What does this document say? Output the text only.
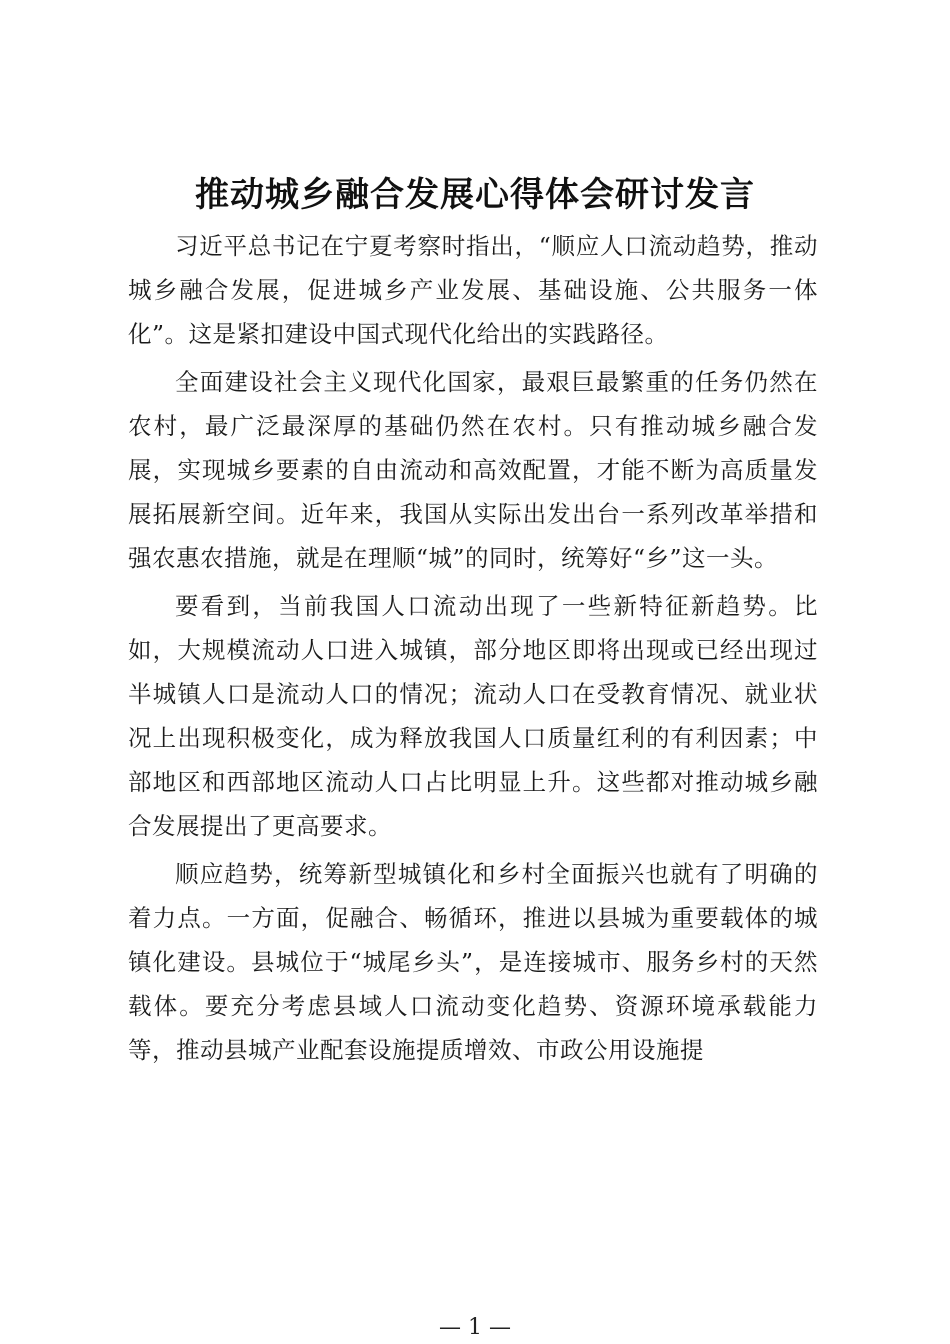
推动城乡融合发展心得体会研讨发言

习近平总书记在宁夏考察时指出，“顺应人口流动趋势，推动城乡融合发展，促进城乡产业发展、基础设施、公共服务一体化”。这是紧扣建设中国式现代化给出的实践路径。

全面建设社会主义现代化国家，最艰巨最繁重的任务仍然在农村，最广泛最深厚的基础仍然在农村。只有推动城乡融合发展，实现城乡要素的自由流动和高效配置，才能不断为高质量发展拓展新空间。近年来，我国从实际出发出台一系列改革举措和强农惠农措施，就是在理顺“城”的同时，统筹好“乡”这一头。

要看到，当前我国人口流动出现了一些新特征新趋势。比如，大规模流动人口进入城镇，部分地区即将出现或已经出现过半城镇人口是流动人口的情况；流动人口在受教育情况、就业状况上出现积极变化，成为释放我国人口质量红利的有利因素；中部地区和西部地区流动人口占比明显上升。这些都对推动城乡融合发展提出了更高要求。

顺应趋势，统筹新型城镇化和乡村全面振兴也就有了明确的着力点。一方面，促融合、畅循环，推进以县城为重要载体的城镇化建设。县城位于“城尾乡头”，是连接城市、服务乡村的天然载体。要充分考虑县域人口流动变化趋势、资源环境承载能力等，推动县城产业配套设施提质增效、市政公用设施提

— 1 —
